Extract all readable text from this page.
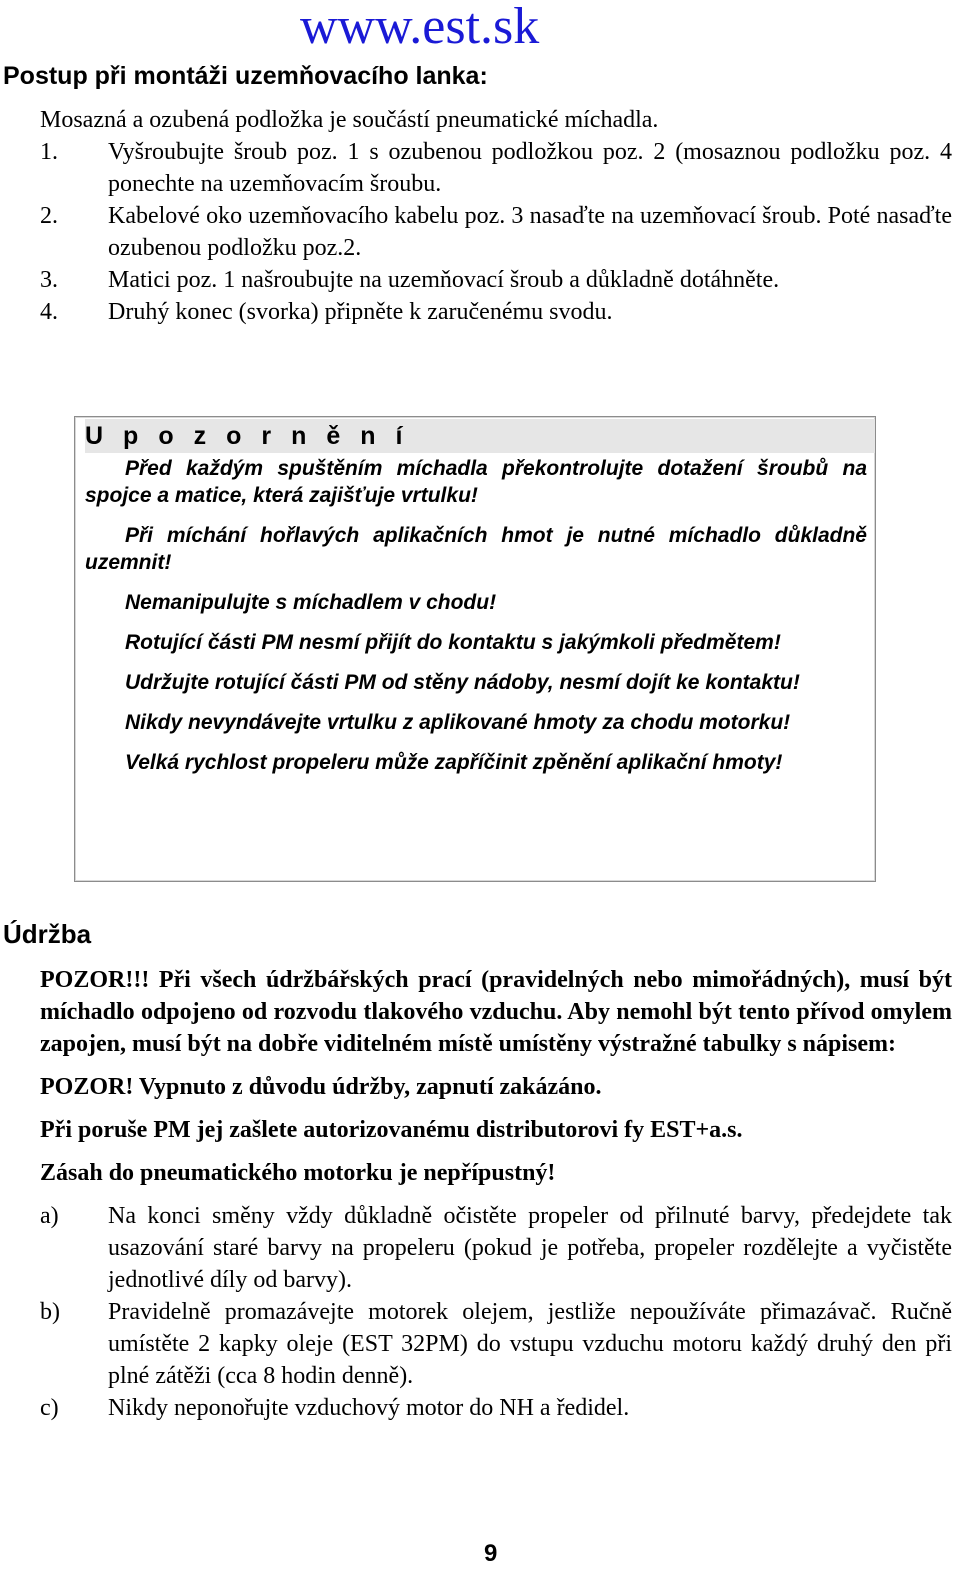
www.est.sk
Postup při montáži uzemňovacího lanka:

Mosazná a ozubená podložka je součástí pneumatické míchadla.

1.	Vyšroubujte šroub poz. 1 s ozubenou podložkou poz. 2 (mosaznou podložku poz. 4 ponechte na uzemňovacím šroubu.
2.	Kabelové oko uzemňovacího kabelu poz. 3 nasaďte na uzemňovací šroub. Poté nasaďte ozubenou podložku poz.2.
3.	Matici poz. 1 našroubujte na uzemňovací šroub a důkladně dotáhněte.
4.	Druhý konec (svorka) připněte k zaručenému svodu.
Upozornění

Před každým spuštěním míchadla překontrolujte dotažení šroubů na spojce a matice, která zajišťuje vrtulku!

Při míchání hořlavých aplikačních hmot je nutné míchadlo důkladně uzemnit!

Nemanipulujte s míchadlem v chodu!

Rotující části PM nesmí přijít do kontaktu s jakýmkoli předmětem!

Udržujte rotující části PM od stěny nádoby, nesmí dojít ke kontaktu!

Nikdy nevyndávejte vrtulku z aplikované hmoty za chodu motorku!

Velká rychlost propeleru může zapříčinit zpěnění aplikační hmoty!

Údržba

POZOR!!! Při všech údržbářských prací (pravidelných nebo mimořádných), musí být míchadlo odpojeno od rozvodu tlakového vzduchu. Aby nemohl být tento přívod omylem zapojen, musí být na dobře viditelném místě umístěny výstražné tabulky s nápisem:

POZOR! Vypnuto z důvodu údržby, zapnutí zakázáno.

Při poruše PM jej zašlete autorizovanému distributorovi fy EST+a.s.

Zásah do pneumatického motorku je nepřípustný!

a)	Na konci směny vždy důkladně očistěte propeler od přilnuté barvy, předejdete tak usazování staré barvy na propeleru (pokud je potřeba, propeler rozdělejte a vyčistěte jednotlivé díly od barvy).
b)	Pravidelně promazávejte motorek olejem, jestliže nepoužíváte přimazávač. Ručně umístěte 2 kapky oleje (EST 32PM) do vstupu vzduchu motoru každý druhý den při plné zátěži (cca 8 hodin denně).
c)	Nikdy neponořujte vzduchový motor do NH a ředidel.
9
